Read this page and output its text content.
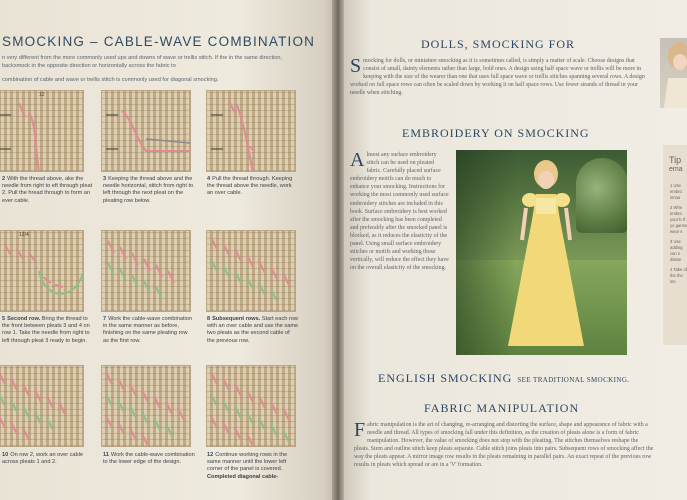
SMOCKING – CABLE-WAVE COMBINATION
n very different from the more commonly used ups and downs of wave or trellis stitch. If the in the same direction, backsmock in the opposite direction or horizontally across the fabric to
combination of cable and wave or trellis stitch is commonly used for diagonal smocking.
12
2 With the thread above, ake the needle from right to eft through pleat 2. Pull the hread through to form an ever cable.
3 Keeping the thread above and the needle horizontal, stitch from right to left through the next pleat on the pleating row below.
4 Pull the thread through. Keeping the thread above the needle, work an over cable.
12/4
5 Second row. Bring the thread to the front between pleats 3 and 4 on row 1. Take the needle from right to left through pleat 3 ready to begin.
7 Work the cable-wave combination in the same manner as before, finishing on the same pleating row as the first row.
8 Subsequent rows. Start each row with an over cable and use the same two pleats as the second cable of the previous row.
10 On row 2, work an over cable across pleats 1 and 2.
11 Work the cable-wave combination to the lower edge of the design.
12 Continue working rows in the same manner until the lower left corner of the panel is covered. Completed diagonal cable-
DOLLS, SMOCKING FOR
Smocking for dolls, or miniature smocking as it is sometimes called, is simply a matter of scale. Choose designs that consist of small, dainty elements rather than large, bold ones. A design using half space wave or trellis will be more in keeping with the size of the wearer than one that uses full space wave or trellis stitches spanning several rows. A design worked on full space rows can often be scaled down by working it on half space rows. Use fewer strands of thread in your needle when stitching.
EMBROIDERY ON SMOCKING
Almost any surface embroidery stitch can be used on pleated fabric. Carefully placed surface embroidery motifs can do much to enhance your smocking. Instructions for working the most commonly used surface embroidery stitches are included in this book. Surface embroidery is best worked after the smocking has been completed and preferably after the smocked panel is blocked, as it reduces the elasticity of the panel. Using small surface embroidery stitches or motifs and working those vertically, will reduce the effect they have on the overall elasticity of the smocking.
ENGLISH SMOCKING SEE TRADITIONAL SMOCKING.
FABRIC MANIPULATION
Fabric manipulation is the art of changing, re-arranging and distorting the surface, shape and appearance of fabric with a needle and thread. All types of smocking fall under this definition, as the creation of pleats alone is a form of fabric manipulation. However, the value of smocking does not stop with the pleating. The stitches themselves reshape the pleats. Stem and outline stitch keep pleats separate. Cable stitch joins pleats into pairs. Subsequent rows of smocking affect the way the pleats appear. A mirror image row results in the pleats remaining in parallel pairs. An exact repeat of the previous row results in pleats which spread or are in a 'V' formation.
Tip
ema
1 Use embro smoo
2 Whe embro your b If yo garme wear s
3 Use adding can s distan
4 Take of the the sm
